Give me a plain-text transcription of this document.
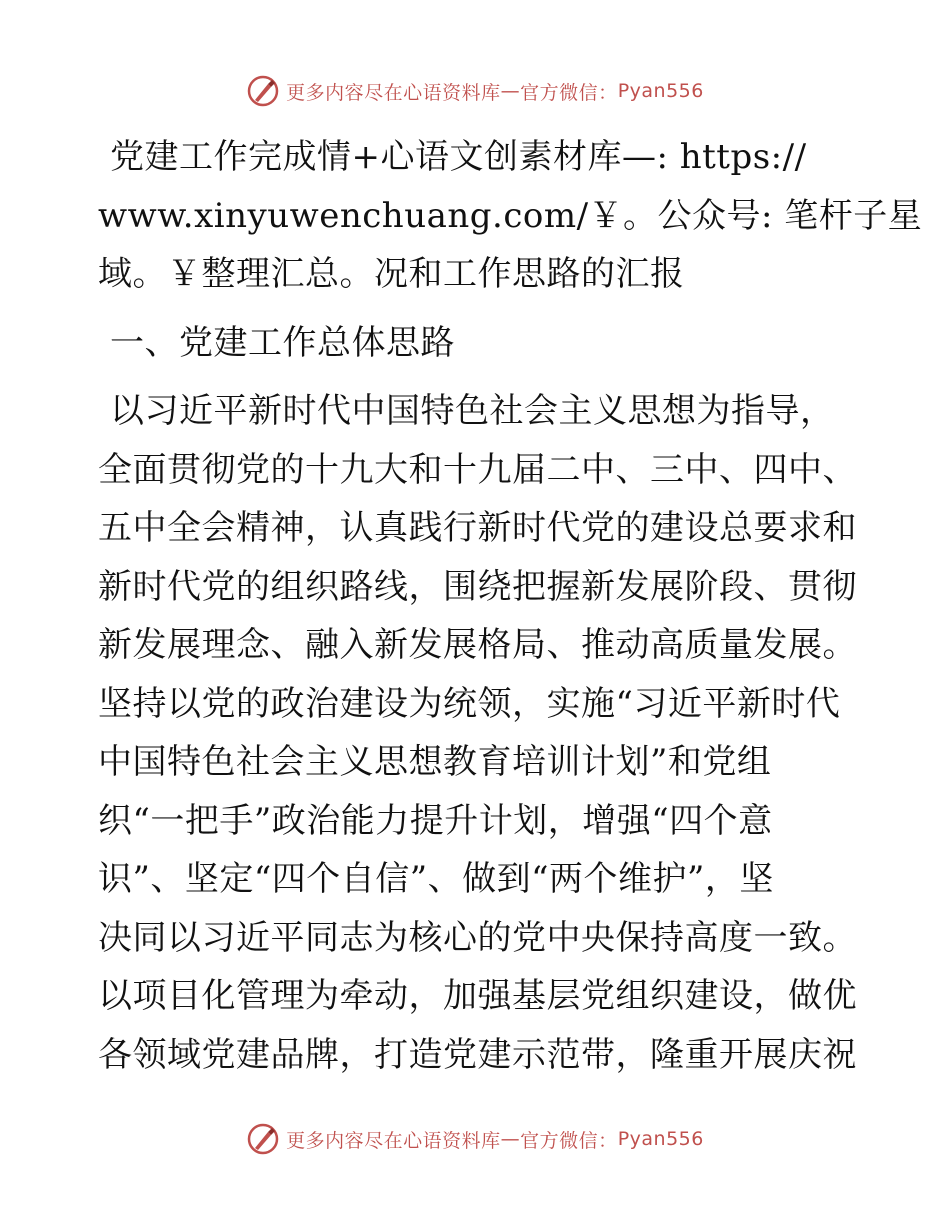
更多内容尽在心语资料库 — 官方微信： Pyan556
党建工作完成情+心语文创素材库—: https://
www.xinyuwenchuang.com/￥。公众号: 笔杆子星
域。￥整理汇总。况和工作思路的汇报
一、党建工作总体思路
以习近平新时代中国特色社会主义思想为指导，
全面贯彻党的十九大和十九届二中、三中、四中、
五中全会精神，认真践行新时代党的建设总要求和
新时代党的组织路线，围绕把握新发展阶段、贯彻
新发展理念、融入新发展格局、推动高质量发展。
坚持以党的政治建设为统领，实施“习近平新时代
中国特色社会主义思想教育培训计划”和党组
织“一把手”政治能力提升计划，增强“四个意
识”、坚定“四个自信”、做到“两个维护”，坚
决同以习近平同志为核心的党中央保持高度一致。
以项目化管理为牵动，加强基层党组织建设，做优
各领域党建品牌，打造党建示范带，隆重开展庆祝
更多内容尽在心语资料库 — 官方微信： Pyan556
